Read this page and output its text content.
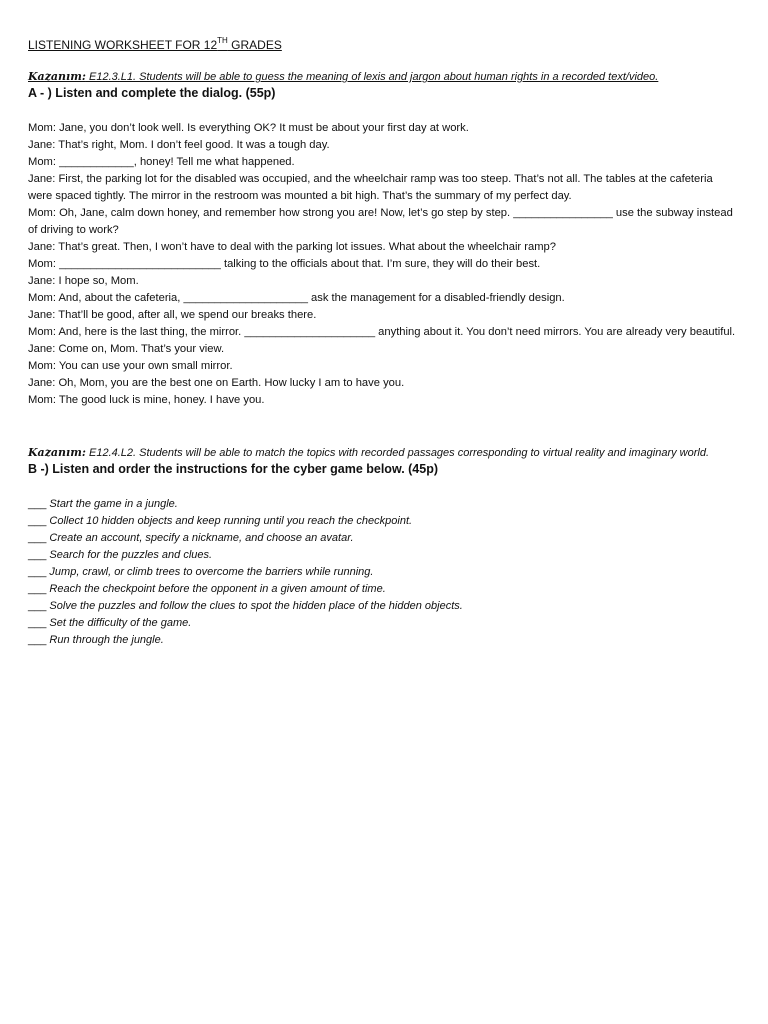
LISTENING WORKSHEET FOR 12TH GRADES

Kazanım: E12.3.L1. Students will be able to guess the meaning of lexis and jargon about human rights in a recorded text/video.

A - ) Listen and complete the dialog. (55p)

Mom: Jane, you don’t look well. Is everything OK? It must be about your first day at work.
Jane: That’s right, Mom. I don’t feel good. It was a tough day.
Mom: ____________, honey! Tell me what happened.
Jane: First, the parking lot for the disabled was occupied, and the wheelchair ramp was too steep. That’s not all. The tables at the cafeteria were spaced tightly. The mirror in the restroom was mounted a bit high. That’s the summary of my perfect day.
Mom: Oh, Jane, calm down honey, and remember how strong you are! Now, let’s go step by step. ________________ use the subway instead of driving to work?
Jane: That’s great. Then, I won’t have to deal with the parking lot issues. What about the wheelchair ramp?
Mom: __________________________ talking to the officials about that. I’m sure, they will do their best.
Jane: I hope so, Mom.
Mom: And, about the cafeteria, ____________________ ask the management for a disabled-friendly design.
Jane: That’ll be good, after all, we spend our breaks there.
Mom: And, here is the last thing, the mirror. _____________________ anything about it. You don’t need mirrors. You are already very beautiful.
Jane: Come on, Mom. That’s your view.
Mom: You can use your own small mirror.
Jane: Oh, Mom, you are the best one on Earth. How lucky I am to have you.
Mom: The good luck is mine, honey. I have you.
Kazanım: E12.4.L2. Students will be able to match the topics with recorded passages corresponding to virtual reality and imaginary world.

B -) Listen and order the instructions for the cyber game below. (45p)

___ Start the game in a jungle.
___ Collect 10 hidden objects and keep running until you reach the checkpoint.
___ Create an account, specify a nickname, and choose an avatar.
___ Search for the puzzles and clues.
___ Jump, crawl, or climb trees to overcome the barriers while running.
___ Reach the checkpoint before the opponent in a given amount of time.
___ Solve the puzzles and follow the clues to spot the hidden place of the hidden objects.
___ Set the difficulty of the game.
___ Run through the jungle.
